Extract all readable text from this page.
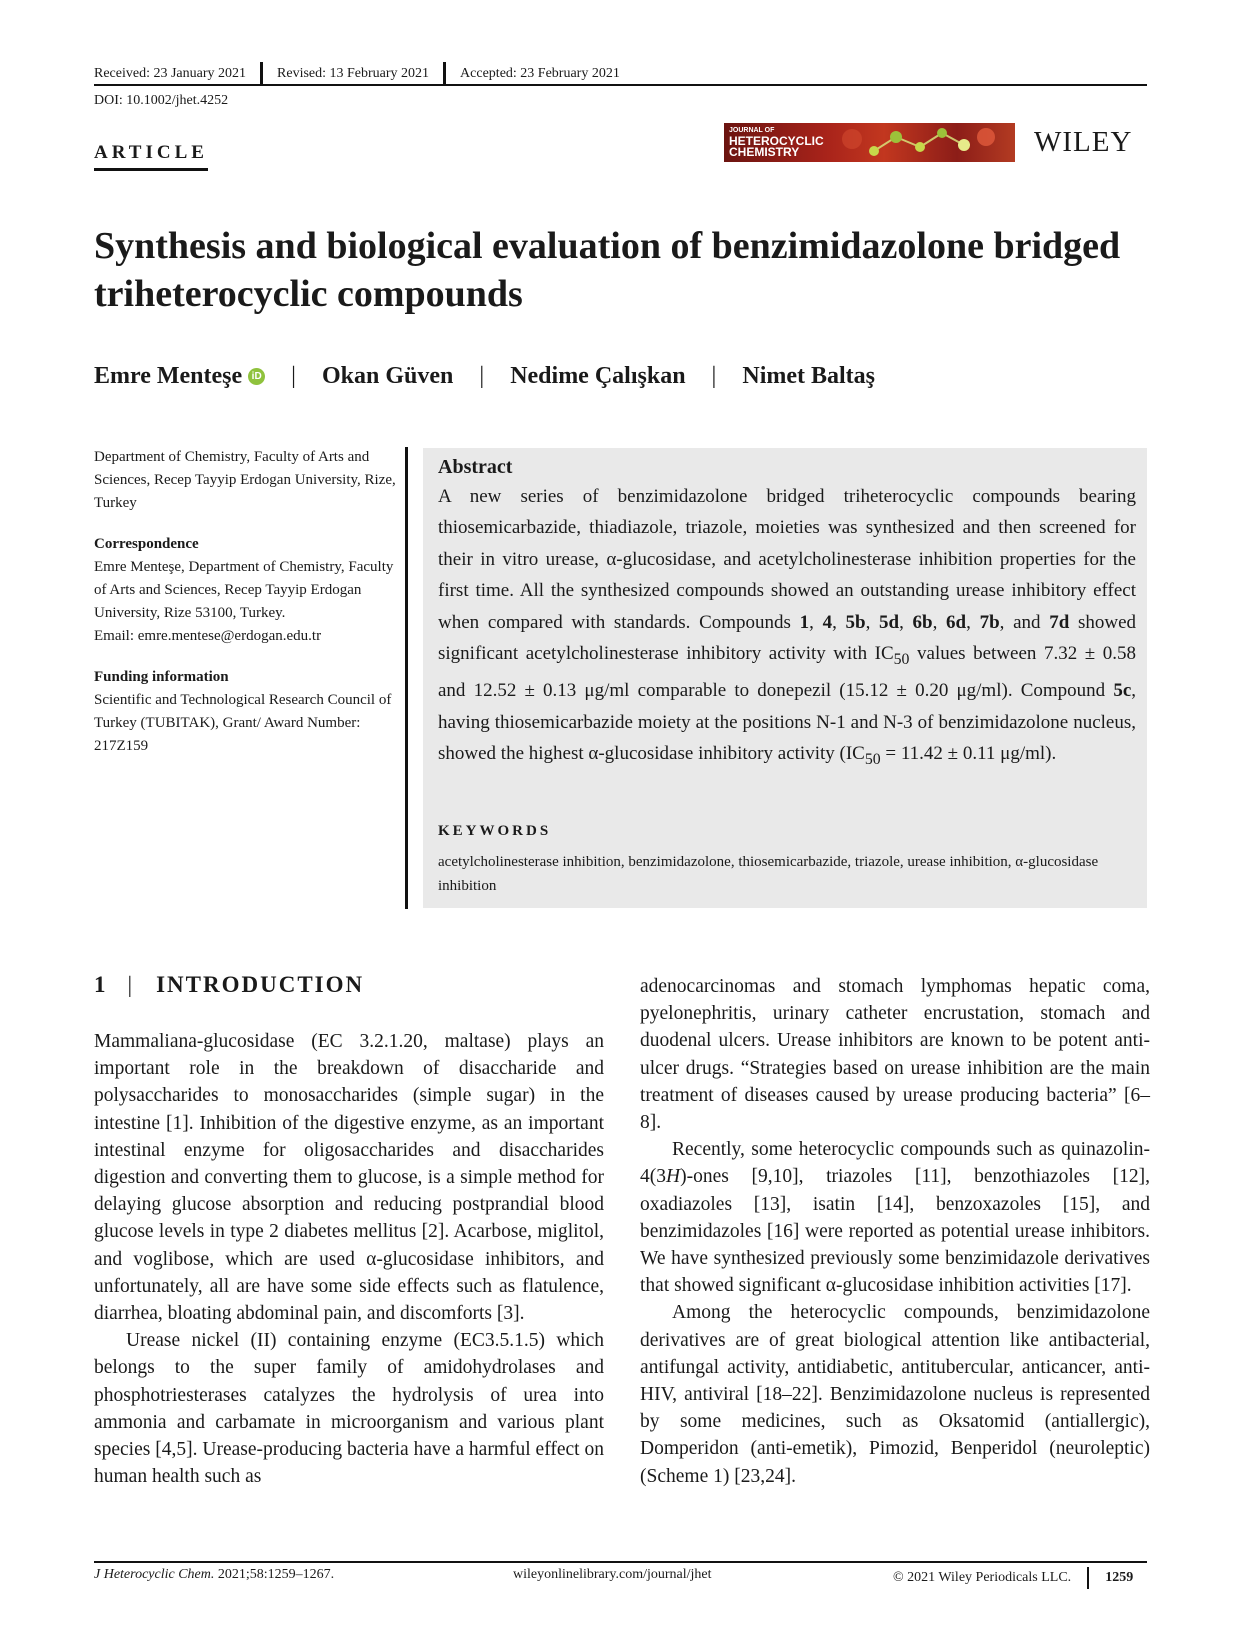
Received: 23 January 2021 Revised: 13 February 2021 Accepted: 23 February 2021
DOI: 10.1002/jhet.4252
ARTICLE
JOURNAL OF
HETEROCYCLIC
CHEMISTRY	WILEY
Synthesis and biological evaluation of benzimidazolone bridged triheterocyclic compounds
Emre Menteşe iD | Okan Güven | Nedime Çalışkan | Nimet Baltaş

Department of Chemistry, Faculty of Arts and Sciences, Recep Tayyip Erdogan University, Rize, Turkey

Correspondence
Emre Menteşe, Department of Chemistry, Faculty of Arts and Sciences, Recep Tayyip Erdogan University, Rize 53100, Turkey.
Email: emre.mentese@erdogan.edu.tr

Funding information
Scientific and Technological Research Council of Turkey (TUBITAK), Grant/ Award Number: 217Z159

Abstract

A new series of benzimidazolone bridged triheterocyclic compounds bearing thiosemicarbazide, thiadiazole, triazole, moieties was synthesized and then screened for their in vitro urease, α-glucosidase, and acetylcholinesterase inhibition properties for the first time. All the synthesized compounds showed an outstanding urease inhibitory effect when compared with standards. Compounds 1, 4, 5b, 5d, 6b, 6d, 7b, and 7d showed significant acetylcholinesterase inhibitory activity with $IC_{50}$ values between 7.32 ± 0.58 and 12.52 ± 0.13 μg/ml comparable to donepezil (15.12 ± 0.20 μg/ml). Compound 5c, having thiosemicarbazide moiety at the positions N-1 and N-3 of benzimidazolone nucleus, showed the highest α-glucosidase inhibitory activity ($IC_{50} = 11.42 \pm 0.11$ μg/ml).

KEYWORDS
acetylcholinesterase inhibition, benzimidazolone, thiosemicarbazide, triazole, urease inhibition, α-glucosidase inhibition
1 | INTRODUCTION

Mammaliana-glucosidase (EC 3.2.1.20, maltase) plays an important role in the breakdown of disaccharide and polysaccharides to monosaccharides (simple sugar) in the intestine [1]. Inhibition of the digestive enzyme, as an important intestinal enzyme for oligosaccharides and disaccharides digestion and converting them to glucose, is a simple method for delaying glucose absorption and reducing postprandial blood glucose levels in type 2 diabetes mellitus [2]. Acarbose, miglitol, and voglibose, which are used α-glucosidase inhibitors, and unfortunately, all are have some side effects such as flatulence, diarrhea, bloating abdominal pain, and discomforts [3].

Urease nickel (II) containing enzyme (EC3.5.1.5) which belongs to the super family of amidohydrolases and phosphotriesterases catalyzes the hydrolysis of urea into ammonia and carbamate in microorganism and various plant species [4,5]. Urease-producing bacteria have a harmful effect on human health such as

adenocarcinomas and stomach lymphomas hepatic coma, pyelonephritis, urinary catheter encrustation, stomach and duodenal ulcers. Urease inhibitors are known to be potent anti-ulcer drugs. “Strategies based on urease inhibition are the main treatment of diseases caused by urease producing bacteria” [6–8].

Recently, some heterocyclic compounds such as quinazolin-4(3H)-ones [9,10], triazoles [11], benzothiazoles [12], oxadiazoles [13], isatin [14], benzoxazoles [15], and benzimidazoles [16] were reported as potential urease inhibitors. We have synthesized previously some benzimidazole derivatives that showed significant α-glucosidase inhibition activities [17].

Among the heterocyclic compounds, benzimidazolone derivatives are of great biological attention like antibacterial, antifungal activity, antidiabetic, antitubercular, anticancer, anti-HIV, antiviral [18–22]. Benzimidazolone nucleus is represented by some medicines, such as Oksatomid (antiallergic), Domperidon (anti-emetik), Pimozid, Benperidol (neuroleptic) (Scheme 1) [23,24].

J Heterocyclic Chem. 2021;58:1259–1267.	wileyonlinelibrary.com/journal/jhet	© 2021 Wiley Periodicals LLC. 1259
